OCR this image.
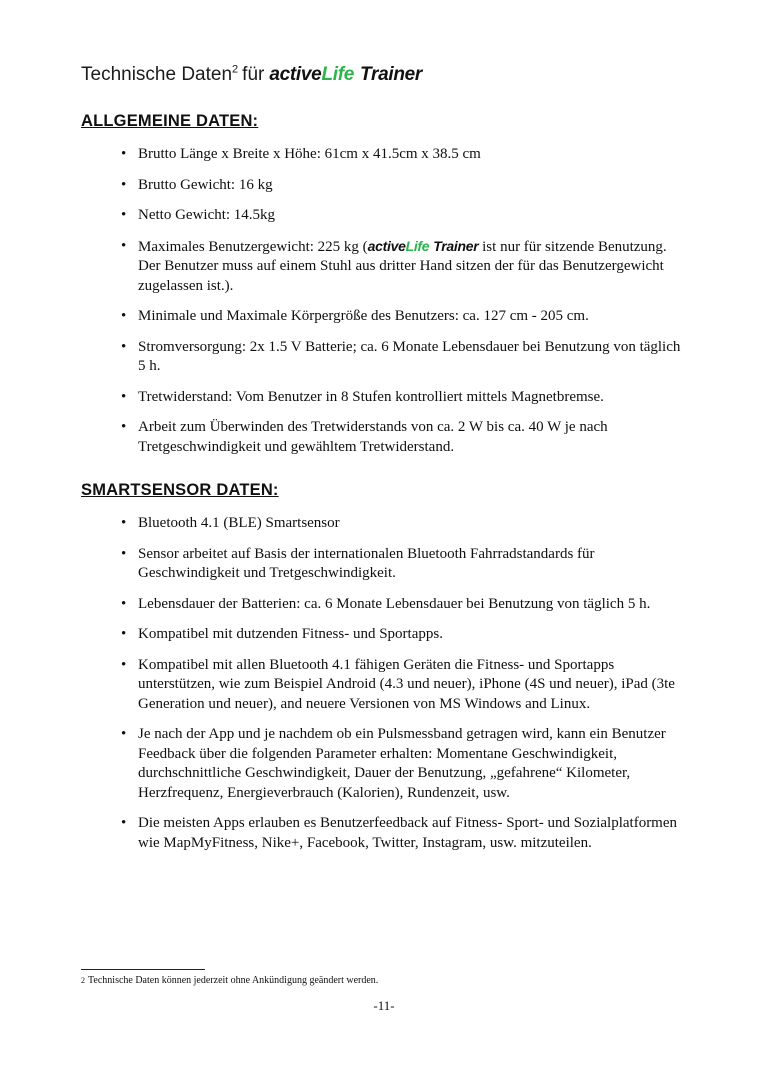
Technische Daten$^2$ für activeLife Trainer
ALLGEMEINE DATEN:
• Brutto Länge x Breite x Höhe: 61cm x 41.5cm x 38.5 cm
• Brutto Gewicht: 16 kg
• Netto Gewicht: 14.5kg
• Maximales Benutzergewicht: 225 kg (activeLife Trainer ist nur für sitzende Benutzung. Der Benutzer muss auf einem Stuhl aus dritter Hand sitzen der für das Benutzergewicht zugelassen ist.).
• Minimale und Maximale Körpergröße des Benutzers: ca. 127 cm - 205 cm.
• Stromversorgung: 2x 1.5 V Batterie; ca. 6 Monate Lebensdauer bei Benutzung von täglich 5 h.
• Tretwiderstand: Vom Benutzer in 8 Stufen kontrolliert mittels Magnetbremse.
• Arbeit zum Überwinden des Tretwiderstands von ca. 2 W bis ca. 40 W je nach Tretgeschwindigkeit und gewähltem Tretwiderstand.
SMARTSENSOR DATEN:
• Bluetooth 4.1 (BLE) Smartsensor
• Sensor arbeitet auf Basis der internationalen Bluetooth Fahrradstandards für Geschwindigkeit und Tretgeschwindigkeit.
• Lebensdauer der Batterien: ca. 6 Monate Lebensdauer bei Benutzung von täglich 5 h.
• Kompatibel mit dutzenden Fitness- und Sportapps.
• Kompatibel mit allen Bluetooth 4.1 fähigen Geräten die Fitness- und Sportapps unterstützen, wie zum Beispiel Android (4.3 und neuer), iPhone (4S und neuer), iPad (3te Generation und neuer), and neuere Versionen von MS Windows and Linux.
• Je nach der App und je nachdem ob ein Pulsmessband getragen wird, kann ein Benutzer Feedback über die folgenden Parameter erhalten: Momentane Geschwindigkeit, durchschnittliche Geschwindigkeit, Dauer der Benutzung, „gefahrene“ Kilometer, Herzfrequenz, Energieverbrauch (Kalorien), Rundenzeit, usw.
• Die meisten Apps erlauben es Benutzerfeedback auf Fitness- Sport- und Sozialplatformen wie MapMyFitness, Nike+, Facebook, Twitter, Instagram, usw. mitzuteilen.
2 Technische Daten können jederzeit ohne Ankündigung geändert werden.
-11-
